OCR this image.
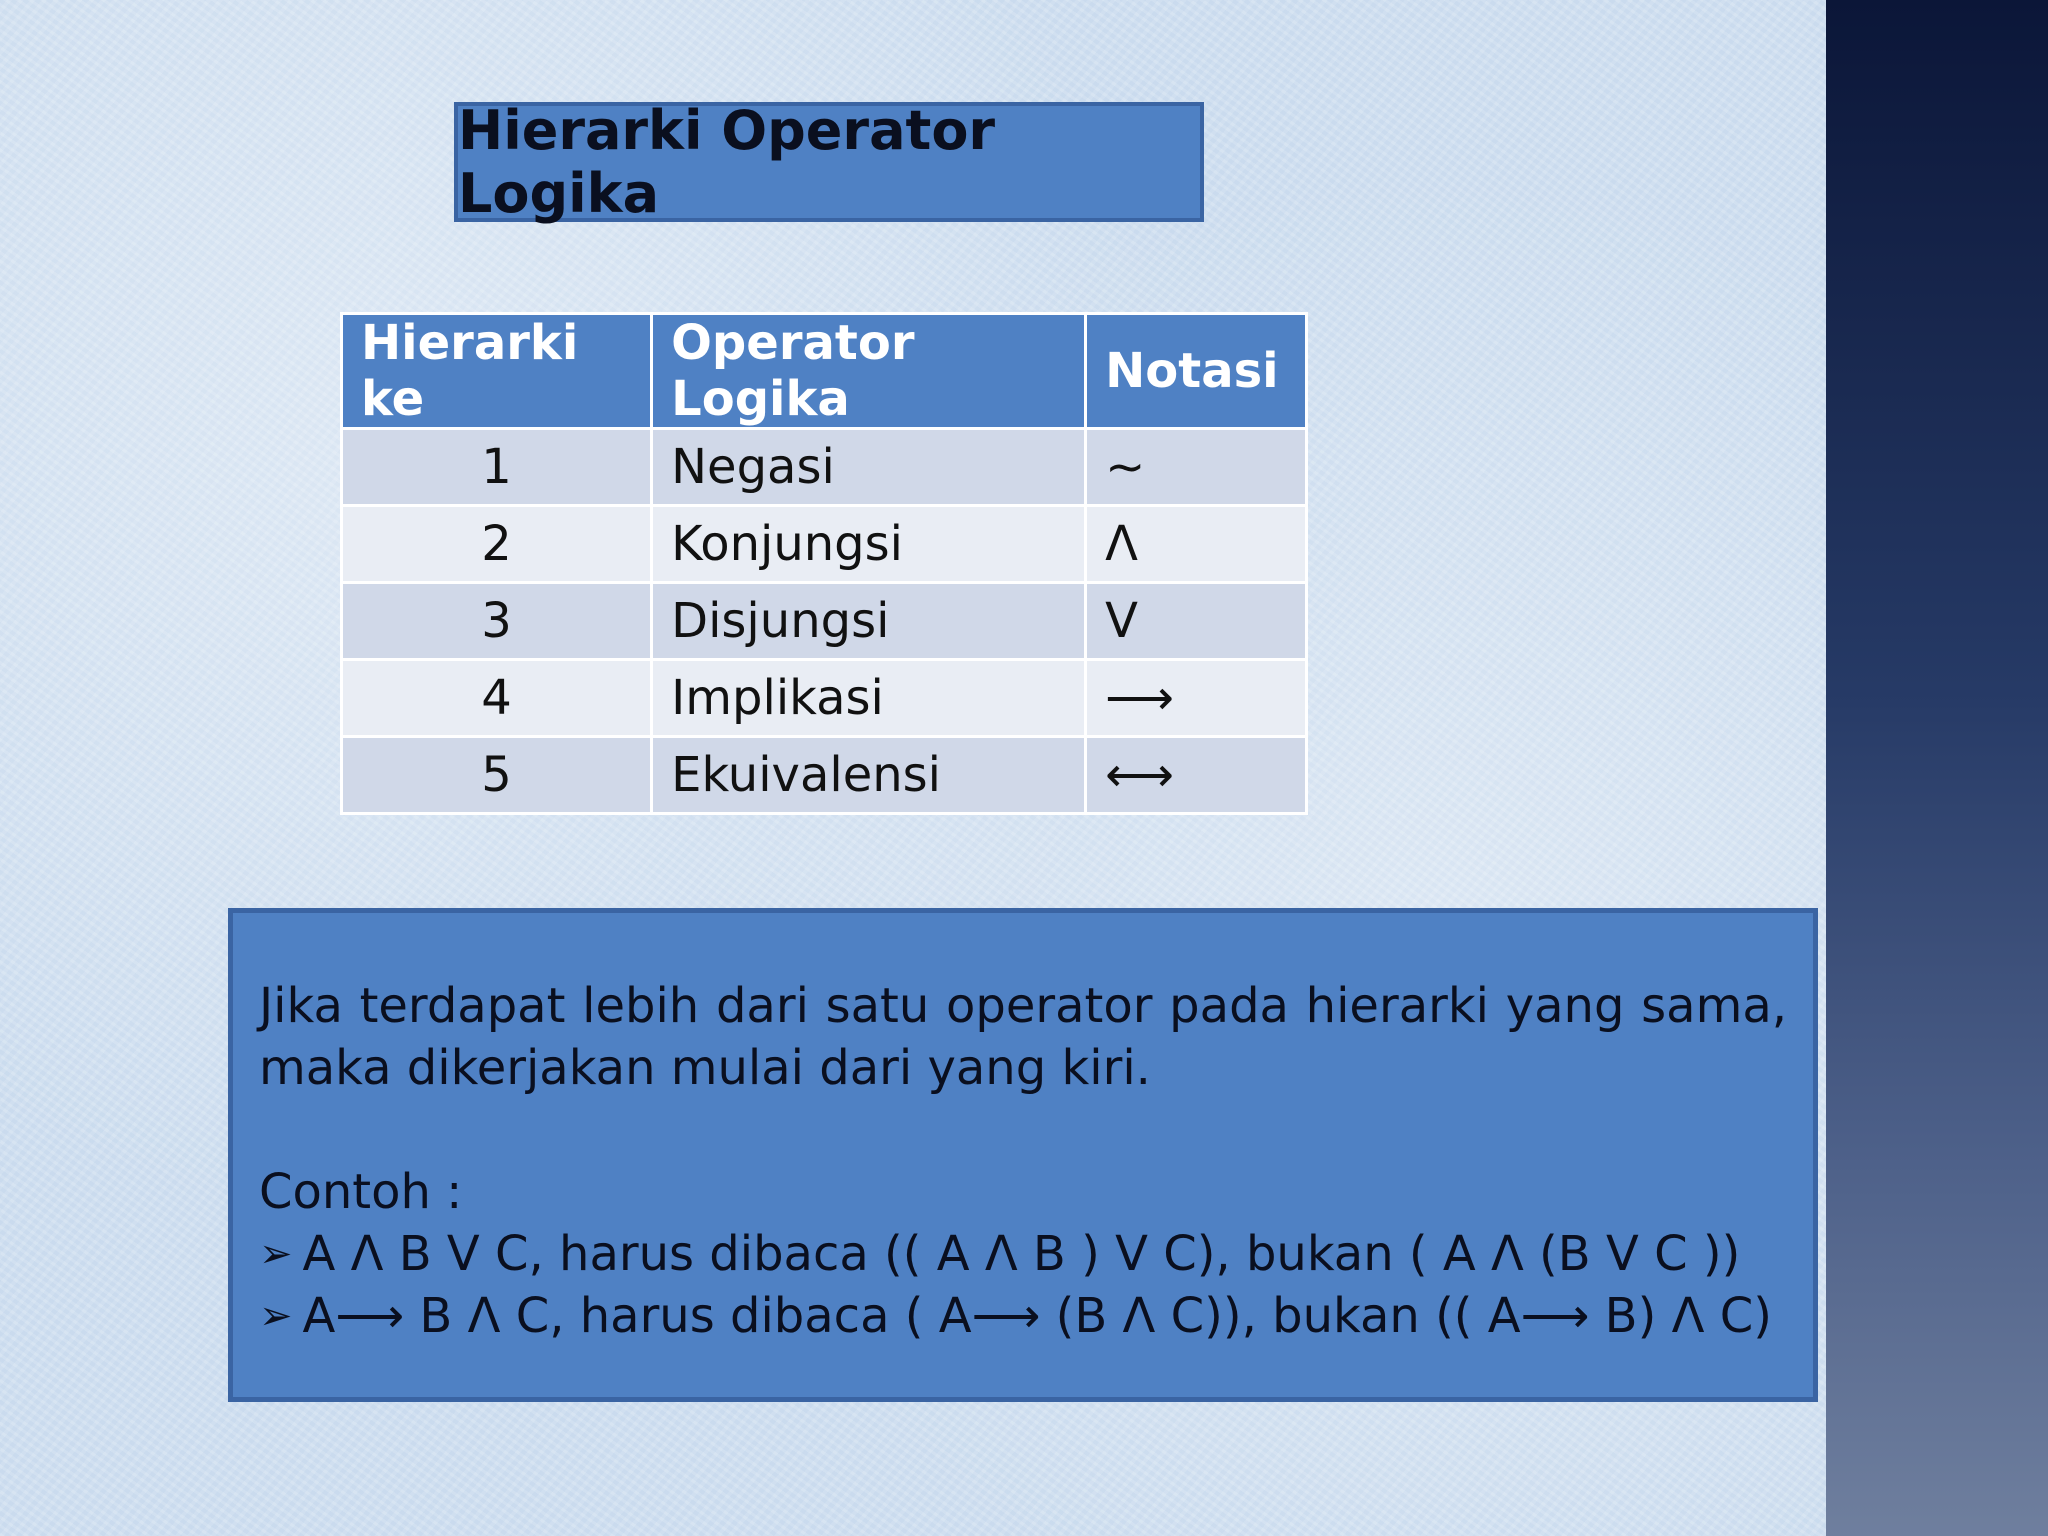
Hierarki Operator Logika
Hierarki ke	Operator Logika	Notasi
1	Negasi	~
2	Konjungsi	Λ
3	Disjungsi	V
4	Implikasi	⟶
5	Ekuivalensi	⟷
Jika terdapat lebih dari satu operator pada hierarki yang sama, maka dikerjakan mulai dari yang kiri.
Contoh :
➢ A Λ B V C, harus dibaca (( A Λ B ) V C), bukan ( A Λ (B V C ))
➢ A⟶ B Λ C, harus dibaca ( A⟶ (B Λ C)), bukan (( A⟶ B) Λ C)
